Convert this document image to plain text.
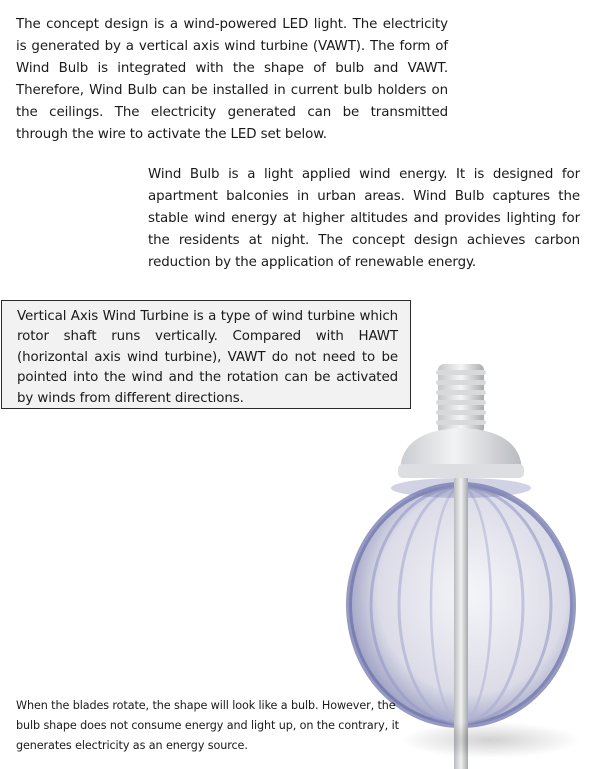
The concept design is a wind-powered LED light. The electricity is generated by a vertical axis wind turbine (VAWT). The form of Wind Bulb is integrated with the shape of bulb and VAWT. Therefore, Wind Bulb can be installed in current bulb holders on the ceilings. The electricity generated can be transmitted through the wire to activate the LED set below.

Wind Bulb is a light applied wind energy. It is designed for apartment balconies in urban areas. Wind Bulb captures the stable wind energy at higher altitudes and provides lighting for the residents at night. The concept design achieves carbon reduction by the application of renewable energy.

Vertical Axis Wind Turbine is a type of wind turbine which rotor shaft runs vertically. Compared with HAWT (horizontal axis wind turbine), VAWT do not need to be pointed into the wind and the rotation can be activated by winds from different directions.

When the blades rotate, the shape will look like a bulb. However, the bulb shape does not consume energy and light up, on the contrary, it generates electricity as an energy source.
